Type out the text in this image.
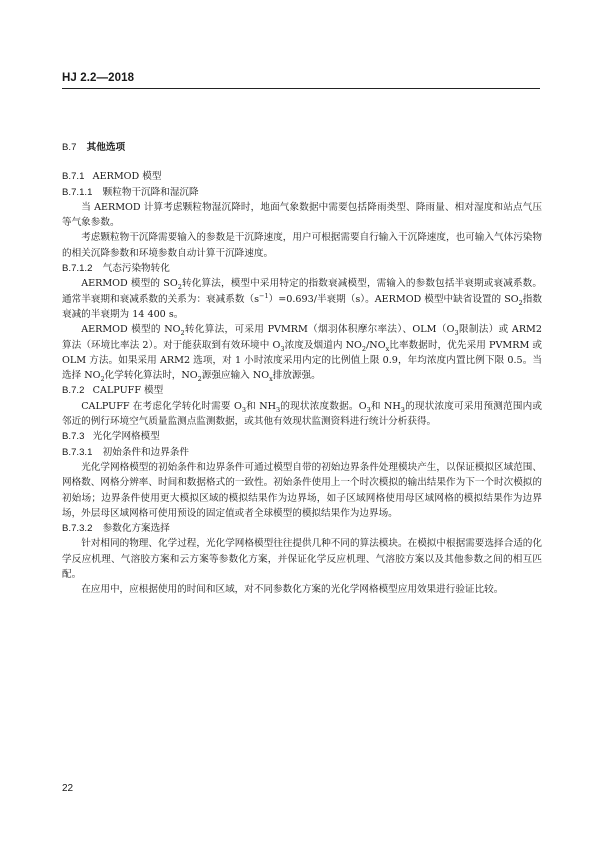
HJ 2.2—2018
B.7 其他选项
B.7.1 AERMOD 模型
B.7.1.1 颗粒物干沉降和湿沉降

当 AERMOD 计算考虑颗粒物湿沉降时，地面气象数据中需要包括降雨类型、降雨量、相对湿度和站点气压等气象参数。

考虑颗粒物干沉降需要输入的参数是干沉降速度，用户可根据需要自行输入干沉降速度，也可输入气体污染物的相关沉降参数和环境参数自动计算干沉降速度。

B.7.1.2 气态污染物转化

AERMOD 模型的 $SO_2$转化算法，模型中采用特定的指数衰减模型，需输入的参数包括半衰期或衰减系数。通常半衰期和衰减系数的关系为：衰减系数$(s^{-1})=0.693/$半衰期（s）。AERMOD 模型中缺省设置的 $SO_2$指数衰减的半衰期为 14 400 s。

AERMOD 模型的 $NO_2$转化算法，可采用 PVMRM（烟羽体积摩尔率法）、$OLM(O_3$限制法）或 ARM2 算法（环境比率法 2）。对于能获取到有效环境中 $O_3$浓度及烟道内 $NO_2/NO_x$比率数据时，优先采用 PVMRM 或 OLM 方法。如果采用 ARM2 选项，对 1 小时浓度采用内定的比例值上限 0.9，年均浓度内置比例下限 0.5。当选择 $NO_2$化学转化算法时，$NO_2$源强应输入 $NO_x$排放源强。

B.7.2 CALPUFF 模型

CALPUFF 在考虑化学转化时需要 $O_3$和 $NH_3$的现状浓度数据。$O_3$和 $NH_3$的现状浓度可采用预测范围内或邻近的例行环境空气质量监测点监测数据，或其他有效现状监测资料进行统计分析获得。

B.7.3 光化学网格模型
B.7.3.1 初始条件和边界条件

光化学网格模型的初始条件和边界条件可通过模型自带的初始边界条件处理模块产生，以保证模拟区域范围、网格数、网格分辨率、时间和数据格式的一致性。初始条件使用上一个时次模拟的输出结果作为下一个时次模拟的初始场；边界条件使用更大模拟区域的模拟结果作为边界场，如子区域网格使用母区域网格的模拟结果作为边界场，外层母区域网格可使用预设的固定值或者全球模型的模拟结果作为边界场。

B.7.3.2 参数化方案选择

针对相同的物理、化学过程，光化学网格模型往往提供几种不同的算法模块。在模拟中根据需要选择合适的化学反应机理、气溶胶方案和云方案等参数化方案，并保证化学反应机理、气溶胶方案以及其他参数之间的相互匹配。

在应用中，应根据使用的时间和区域，对不同参数化方案的光化学网格模型应用效果进行验证比较。

22
